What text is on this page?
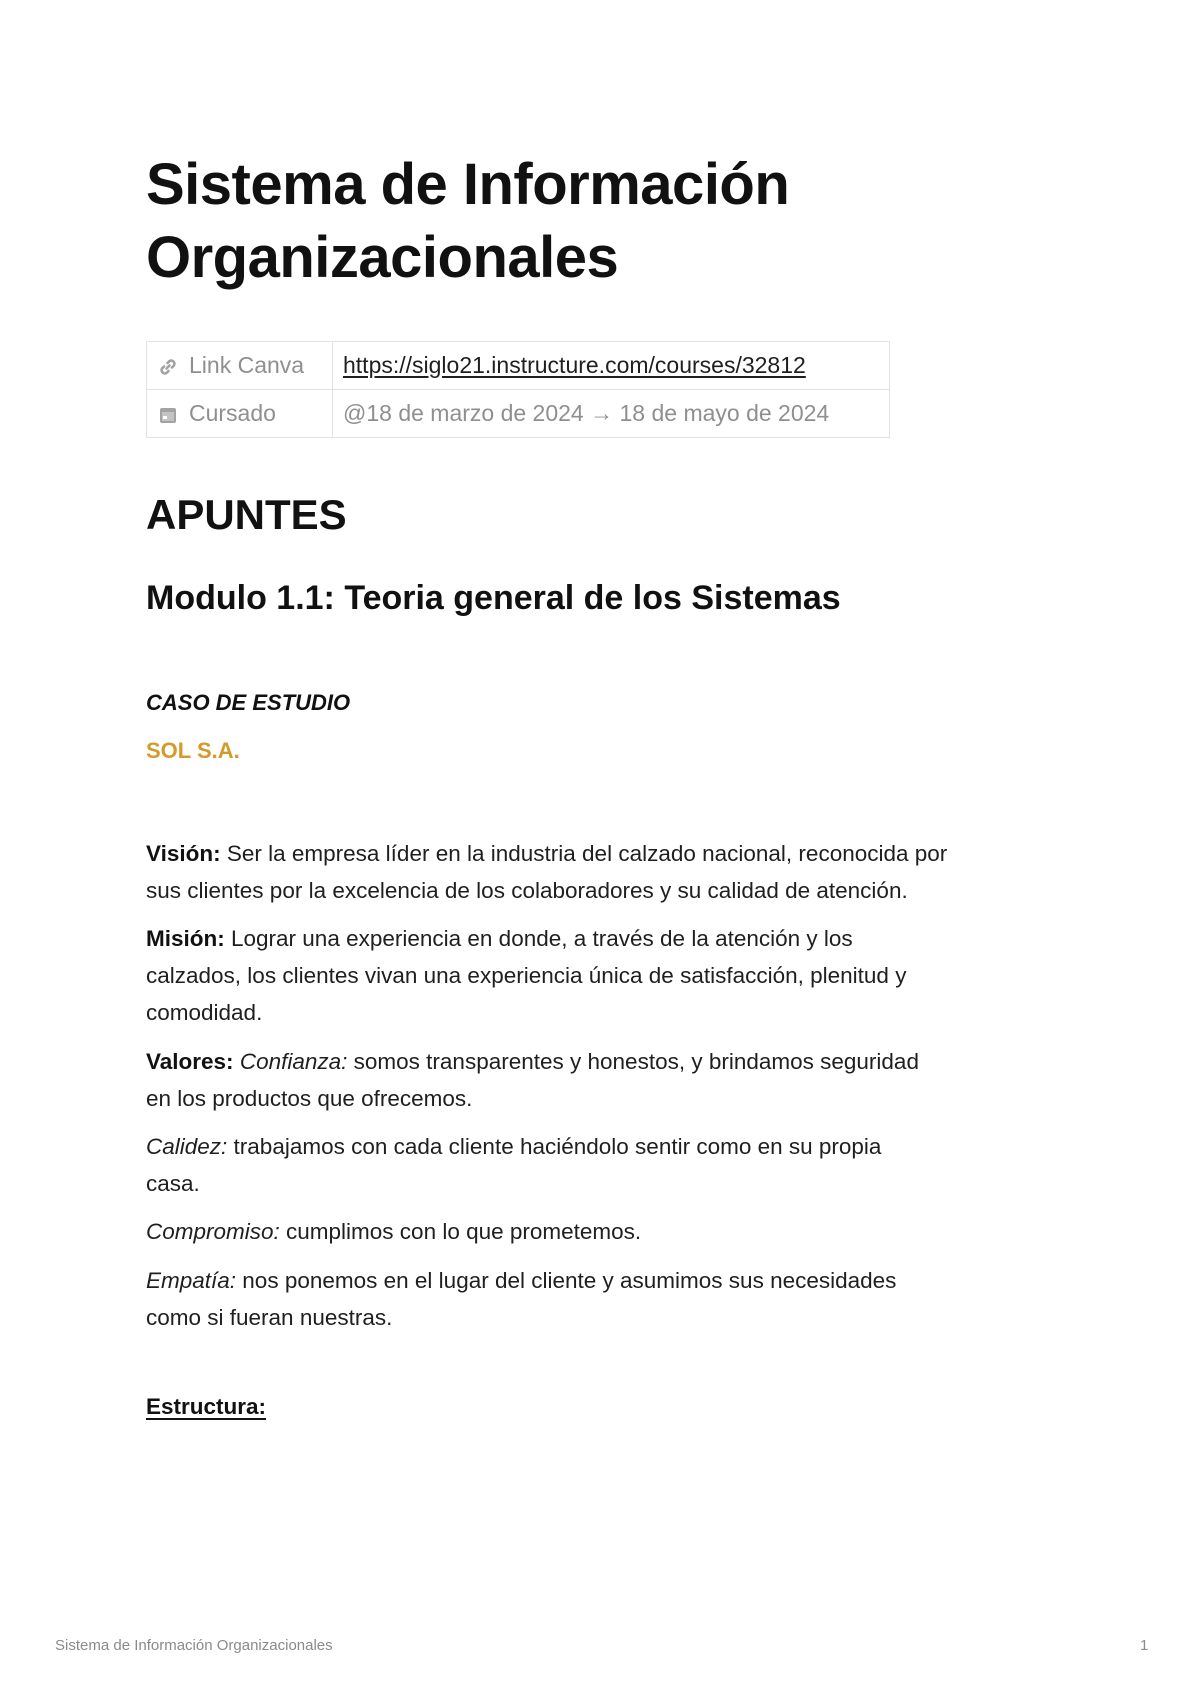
Sistema de Información
Organizacionales
Link Canva	https://siglo21.instructure.com/courses/32812
Cursado	@18 de marzo de 2024 → 18 de mayo de 2024
APUNTES
Modulo 1.1: Teoria general de los Sistemas
CASO DE ESTUDIO
SOL S.A.

Visión: Ser la empresa líder en la industria del calzado nacional, reconocida por
sus clientes por la excelencia de los colaboradores y su calidad de atención.

Misión: Lograr una experiencia en donde, a través de la atención y los
calzados, los clientes vivan una experiencia única de satisfacción, plenitud y
comodidad.

Valores: Confianza: somos transparentes y honestos, y brindamos seguridad
en los productos que ofrecemos.

Calidez: trabajamos con cada cliente haciéndolo sentir como en su propia
casa.

Compromiso: cumplimos con lo que prometemos.

Empatía: nos ponemos en el lugar del cliente y asumimos sus necesidades
como si fueran nuestras.

Estructura:
Sistema de Información Organizacionales	1
